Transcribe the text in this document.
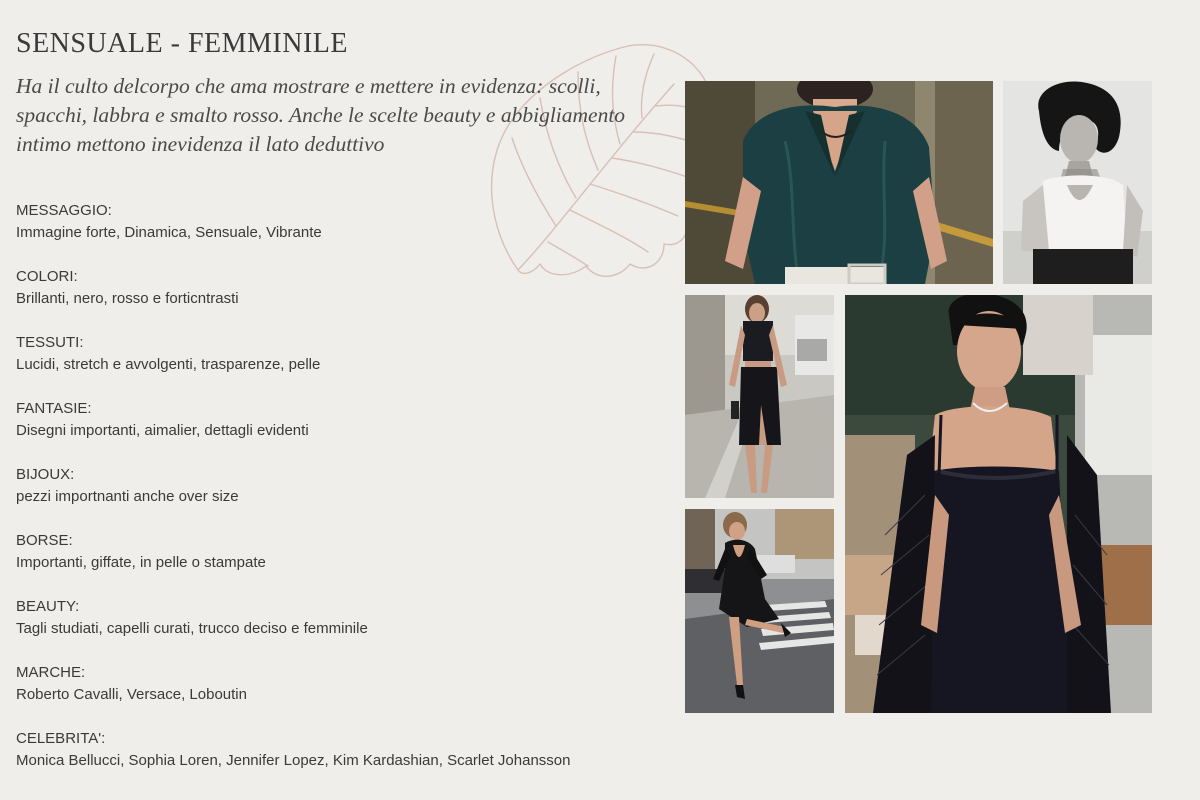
SENSUALE - FEMMINILE
Ha il culto delcorpo che ama mostrare e mettere in evidenza: scolli, spacchi, labbra e smalto rosso. Anche le scelte beauty e abbigliamento intimo mettono inevidenza il lato deduttivo
MESSAGGIO:
Immagine forte, Dinamica, Sensuale, Vibrante
COLORI:
Brillanti, nero, rosso e forticntrasti
TESSUTI:
Lucidi, stretch e avvolgenti, trasparenze, pelle
FANTASIE:
Disegni importanti, aimalier, dettagli evidenti
BIJOUX:
pezzi importnanti anche over size
BORSE:
Importanti, giffate, in pelle o stampate
BEAUTY:
Tagli studiati, capelli curati, trucco deciso e femminile
MARCHE:
Roberto Cavalli, Versace, Loboutin
CELEBRITA':
Monica Bellucci, Sophia Loren, Jennifer Lopez, Kim Kardashian, Scarlet Johansson
